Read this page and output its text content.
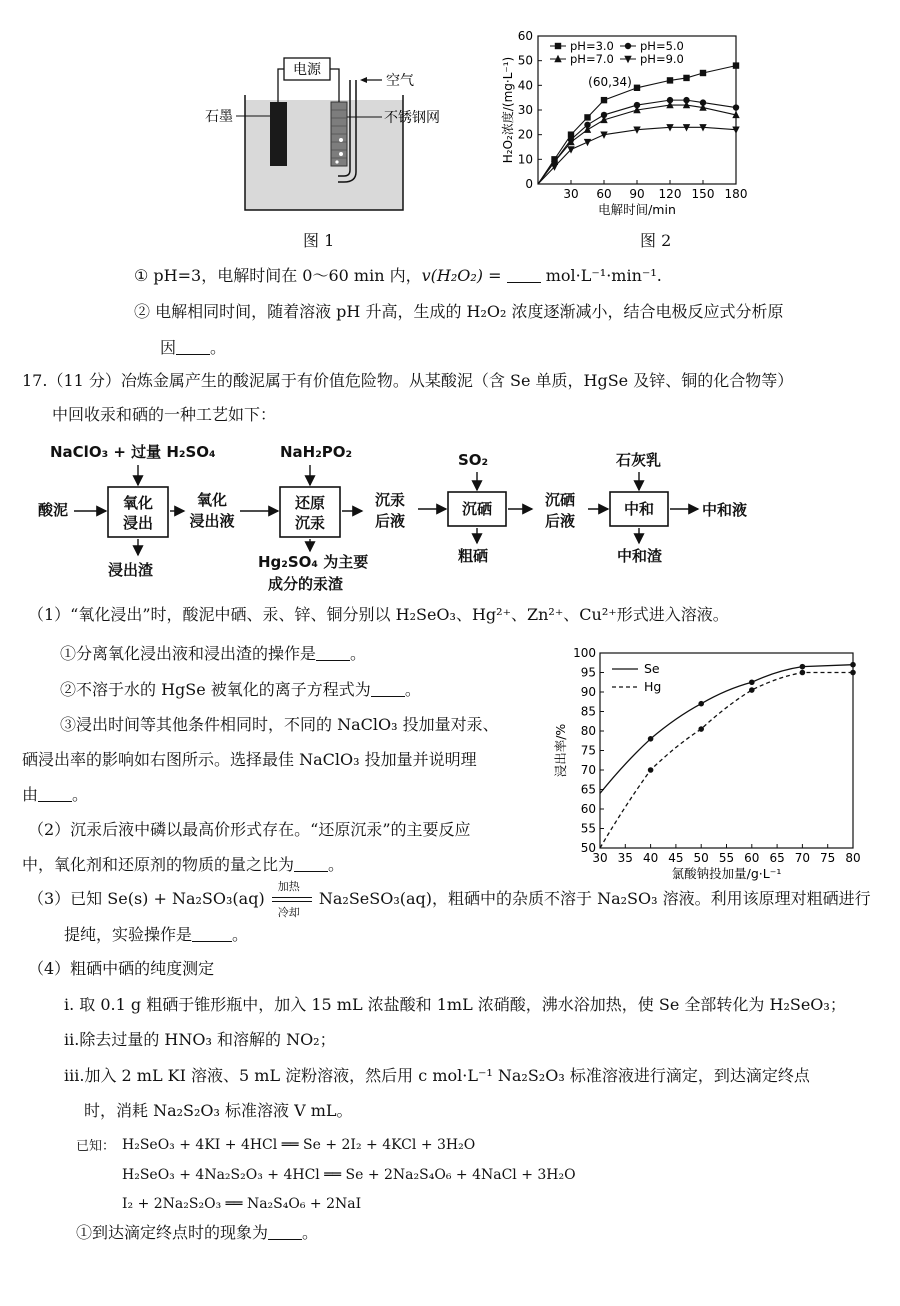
电源
空气
石墨	不锈钢网
图 1
0
10
20
30
40
50
60
30 60 90 120 150 180
电解时间/min
H₂O₂浓度/(mg·L⁻¹)
pH=3.0 pH=5.0
pH=7.0 pH=9.0
(60,34)
图 2
① pH=3，电解时间在 0～60 min 内，v(H₂O₂) =  mol·L⁻¹·min⁻¹.
② 电解相同时间，随着溶液 pH 升高，生成的 H₂O₂ 浓度逐渐减小，结合电极反应式分析原
因 。
17.（11 分）冶炼金属产生的酸泥属于有价值危险物。从某酸泥（含 Se 单质，HgSe 及锌、铜的化合物等）
中回收汞和硒的一种工艺如下：
NaClO₃ + 过量 H₂SO₄	NaH₂PO₂	SO₂	石灰乳
酸泥	氧化
浸出
氧化
浸出液
还原
沉汞
沉汞
后液
沉硒	沉硒
后液
中和	中和液
浸出渣	Hg₂SO₄ 为主要
成分的汞渣
粗硒	中和渣
（1）“氧化浸出”时，酸泥中硒、汞、锌、铜分别以 H₂SeO₃、Hg²⁺、Zn²⁺、Cu²⁺形式进入溶液。
①分离氧化浸出液和浸出渣的操作是 。
②不溶于水的 HgSe 被氧化的离子方程式为 。
③浸出时间等其他条件相同时，不同的 NaClO₃ 投加量对汞、
硒浸出率的影响如右图所示。选择最佳 NaClO₃ 投加量并说明理
由 。
（2）沉汞后液中磷以最高价形式存在。“还原沉汞”的主要反应
中，氧化剂和还原剂的物质的量之比为 。
50
55
60
65
70
75
80
85
90
95
100
30 35 40 45 50 55 60 65 70 75 80
氯酸钠投加量/g·L⁻¹
浸出率/%
Se
Hg
（3）已知 Se(s) + Na₂SO₃(aq)
加热
冷却
Na₂SeSO₃(aq)，粗硒中的杂质不溶于 Na₂SO₃ 溶液。利用该原理对粗硒进行
提纯，实验操作是	。
（4）粗硒中硒的纯度测定
i. 取 0.1 g 粗硒于锥形瓶中，加入 15 mL 浓盐酸和 1mL 浓硝酸，沸水浴加热，使 Se 全部转化为 H₂SeO₃；
ii.除去过量的 HNO₃ 和溶解的 NO₂；
iii.加入 2 mL KI 溶液、5 mL 淀粉溶液，然后用 c mol·L⁻¹ Na₂S₂O₃ 标准溶液进行滴定，到达滴定终点
时，消耗 Na₂S₂O₃ 标准溶液 V mL。
已知： H₂SeO₃ + 4KI + 4HCl ══ Se + 2I₂ + 4KCl + 3H₂O
H₂SeO₃ + 4Na₂S₂O₃ + 4HCl ══ Se + 2Na₂S₄O₆ + 4NaCl + 3H₂O
I₂ + 2Na₂S₂O₃ ══ Na₂S₄O₆ + 2NaI
①到达滴定终点时的现象为 。
